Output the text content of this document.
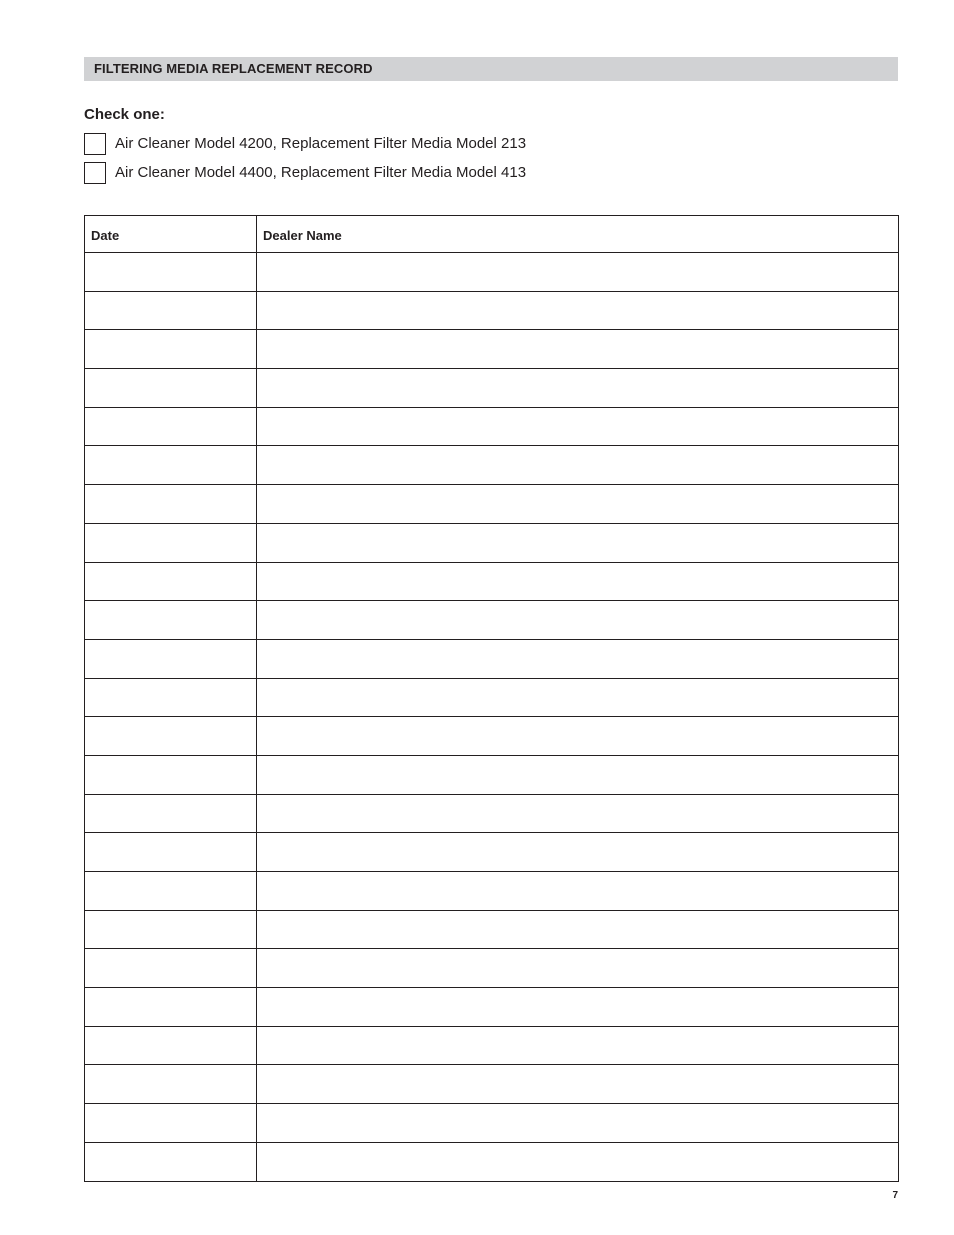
FILTERING MEDIA REPLACEMENT RECORD
Check one:
Air Cleaner Model 4200, Replacement Filter Media Model 213
Air Cleaner Model 4400, Replacement Filter Media Model 413
Date	Dealer Name

7
